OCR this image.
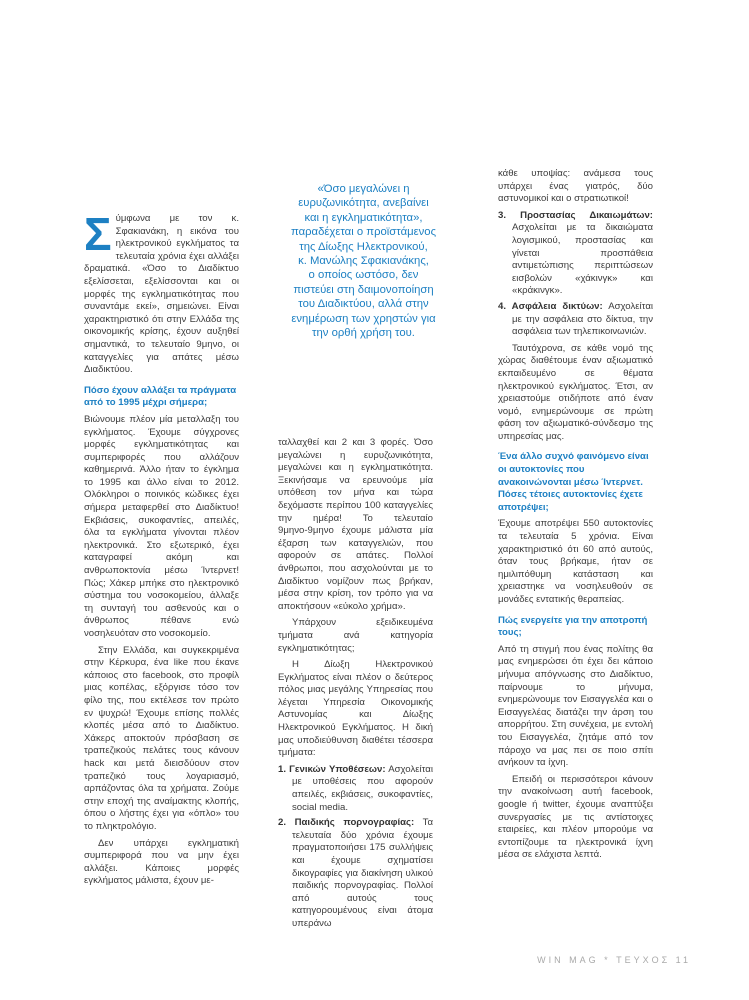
«Όσο μεγαλώνει η

ευρυζωνικότητα, ανεβαίνει

και η εγκληματικότητα»,

παραδέχεται ο προϊστάμενος

της Δίωξης Ηλεκτρονικού,

κ. Μανώλης Σφακιανάκης,

ο οποίος ωστόσο, δεν

πιστεύει στη δαιμονοποίηση

του Διαδικτύου, αλλά στην

ενημέρωση των χρηστών για

την ορθή χρήση του.

Σύμφωνα με τον κ. Σφακιανάκη, η εικόνα του ηλεκτρονικού εγκλήματος τα τελευταία χρόνια έχει αλλάξει δραματικά. «Όσο το Διαδίκτυο εξελίσσεται, εξελίσσονται και οι μορφές της εγκληματικότητας που συναντάμε εκεί», σημειώνει. Είναι χαρακτηριστικό ότι στην Ελλάδα της οικονομικής κρίσης, έχουν αυξηθεί σημαντικά, το τελευταίο 9μηνο, οι καταγγελίες για απάτες μέσω Διαδικτύου.

Πόσο έχουν αλλάξει τα πράγματα από το 1995 μέχρι σήμερα;

Βιώνουμε πλέον μία μεταλλαξη του εγκλήματος. Έχουμε σύγχρονες μορφές εγκληματικότητας και συμπεριφορές που αλλάζουν καθημερινά. Άλλο ήταν το έγκλημα το 1995 και άλλο είναι το 2012. Ολόκληροι ο ποινικός κώδικες έχει σήμερα μεταφερθεί στο Διαδίκτυο! Εκβιάσεις, συκοφαντίες, απειλές, όλα τα εγκλήματα γίνονται πλέον ηλεκτρονικά. Στο εξωτερικό, έχει καταγραφεί ακόμη και ανθρωποκτονία μέσω Ίντερνετ! Πώς; Χάκερ μπήκε στο ηλεκτρονικό σύστημα του νοσοκομείου, άλλαξε τη συνταγή του ασθενούς και ο άνθρωπος πέθανε ενώ νοσηλευόταν στο νοσοκομείο.

Στην Ελλάδα, και συγκεκριμένα στην Κέρκυρα, ένα like που έκανε κάποιος στο facebook, στο προφίλ μιας κοπέλας, εξόργισε τόσο τον φίλο της, που εκτέλεσε τον πρώτο εν ψυχρώ! Έχουμε επίσης πολλές κλοπές μέσα από το Διαδίκτυο. Χάκερς αποκτούν πρόσβαση σε τραπεζικούς πελάτες τους κάνουν hack και μετά διεισδύουν στον τραπεζικό τους λογαριασμό, αρπάζοντας όλα τα χρήματα. Ζούμε στην εποχή της αναίμακτης κλοπής, όπου ο λήστης έχει για «όπλο» του το πληκτρολόγιο.

Δεν υπάρχει εγκληματική συμπεριφορά που να μην έχει αλλάξει. Κάποιες μορφές εγκλήματος μάλιστα, έχουν με-

ταλλαχθεί και 2 και 3 φορές. Όσο μεγαλώνει η ευρυζωνικότητα, μεγαλώνει και η εγκληματικότητα. Ξεκινήσαμε να ερευνούμε μία υπόθεση τον μήνα και τώρα δεχόμαστε περίπου 100 καταγγελίες την ημέρα! Το τελευταίο 9μηνο-9μηνο έχουμε μάλιστα μία έξαρση των καταγγελιών, που αφορούν σε απάτες. Πολλοί άνθρωποι, που ασχολούνται με το Διαδίκτυο νομίζουν πως βρήκαν, μέσα στην κρίση, τον τρόπο για να αποκτήσουν «εύκολο χρήμα».

Υπάρχουν εξειδικευμένα τμήματα ανά κατηγορία εγκληματικότητας;

Η Δίωξη Ηλεκτρονικού Εγκλήματος είναι πλέον ο δεύτερος πόλος μιας μεγάλης Υπηρεσίας που λέγεται Υπηρεσία Οικονομικής Αστυνομίας και Δίωξης Ηλεκτρονικού Εγκλήματος. Η δική μας υποδιεύθυνση διαθέτει τέσσερα τμήματα:

1. Γενικών Υποθέσεων: Ασχολείται με υποθέσεις που αφορούν απειλές, εκβιάσεις, συκοφαντίες, social media.
2. Παιδικής πορνογραφίας: Τα τελευταία δύο χρόνια έχουμε πραγματοποιήσει 175 συλλήψεις και έχουμε σχηματίσει δικογραφίες για διακίνηση υλικού παιδικής πορνογραφίας. Πολλοί από αυτούς τους κατηγορουμένους είναι άτομα υπεράνω

κάθε υποψίας: ανάμεσα τους υπάρχει ένας γιατρός, δύο αστυνομικοί και ο στρατιωτικοί!

3. Προστασίας Δικαιωμάτων: Ασχολείται με τα δικαιώματα λογισμικού, προστασίας και γίνεται προσπάθεια αντιμετώπισης περιπτώσεων εισβολών «χάκινγκ» και «κράκινγκ».
4. Ασφάλεια δικτύων: Ασχολείται με την ασφάλεια στο δίκτυα, την ασφάλεια των τηλεπικοινωνιών.

Ταυτόχρονα, σε κάθε νομό της χώρας διαθέτουμε έναν αξιωματικό εκπαιδευμένο σε θέματα ηλεκτρονικού εγκλήματος. Έτσι, αν χρειαστούμε οτιδήποτε από έναν νομό, ενημερώνουμε σε πρώτη φάση τον αξιωματικό-σύνδεσμο της υπηρεσίας μας.

Ένα άλλο συχνό φαινόμενο είναι οι αυτοκτονίες που ανακοινώνονται μέσω Ίντερνετ. Πόσες τέτοιες αυτοκτονίες έχετε αποτρέψει;

Έχουμε αποτρέψει 550 αυτοκτονίες τα τελευταία 5 χρόνια. Είναι χαρακτηριστικό ότι 60 από αυτούς, όταν τους βρήκαμε, ήταν σε ημιλιπόθυμη κατάσταση και χρειαστηκε να νοσηλευθούν σε μονάδες εντατικής θεραπείας.

Πώς ενεργείτε για την αποτροπή τους;

Από τη στιγμή που ένας πολίτης θα μας ενημερώσει ότι έχει δει κάποιο μήνυμα απόγνωσης στο Διαδίκτυο, παίρνουμε το μήνυμα, ενημερώνουμε τον Εισαγγελέα και ο Εισαγγελέας διατάζει την άρση του απορρήτου. Στη συνέχεια, με εντολή του Εισαγγελέα, ζητάμε από τον πάροχο να μας πει σε ποιο σπίτι ανήκουν τα ίχνη.

Επειδή οι περισσότεροι κάνουν την ανακοίνωση αυτή facebook, google ή twitter, έχουμε αναπτύξει συνεργασίες με τις αντίστοιχες εταιρείες, και πλέον μπορούμε να εντοπίζουμε τα ηλεκτρονικά ίχνη μέσα σε ελάχιστα λεπτά.

WIN MAG * ΤΕΥΧΟΣ 11
